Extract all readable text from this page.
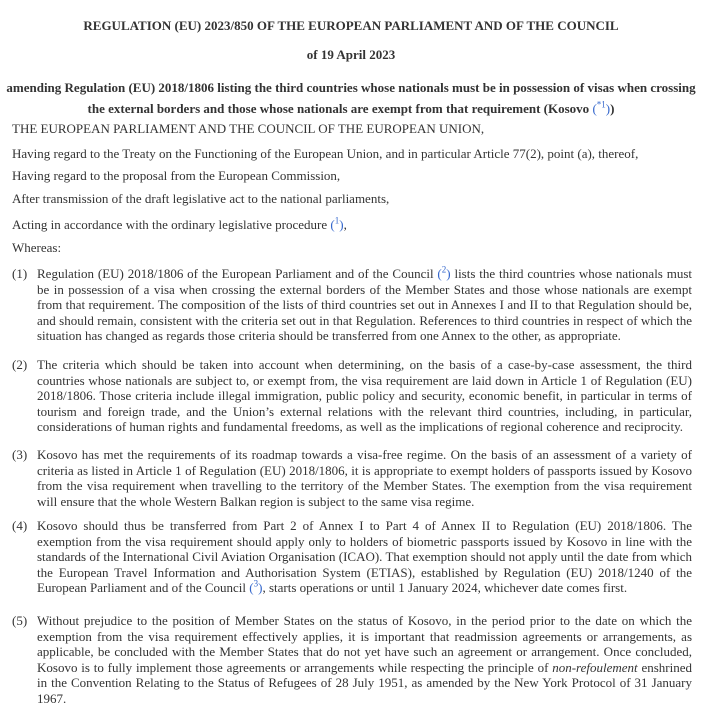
REGULATION (EU) 2023/850 OF THE EUROPEAN PARLIAMENT AND OF THE COUNCIL
of 19 April 2023
amending Regulation (EU) 2018/1806 listing the third countries whose nationals must be in possession of visas when crossing
the external borders and those whose nationals are exempt from that requirement (Kosovo ($^{*1}$))
THE EUROPEAN PARLIAMENT AND THE COUNCIL OF THE EUROPEAN UNION,
Having regard to the Treaty on the Functioning of the European Union, and in particular Article 77(2), point (a), thereof,
Having regard to the proposal from the European Commission,
After transmission of the draft legislative act to the national parliaments,
Acting in accordance with the ordinary legislative procedure ($^1$),
Whereas:
(1) Regulation (EU) 2018/1806 of the European Parliament and of the Council ($^2$) lists the third countries whose nationals must be in possession of a visa when crossing the external borders of the Member States and those whose nationals are exempt from that requirement. The composition of the lists of third countries set out in Annexes I and II to that Regulation should be, and should remain, consistent with the criteria set out in that Regulation. References to third countries in respect of which the situation has changed as regards those criteria should be transferred from one Annex to the other, as appropriate.
(2) The criteria which should be taken into account when determining, on the basis of a case-by-case assessment, the third countries whose nationals are subject to, or exempt from, the visa requirement are laid down in Article 1 of Regulation (EU) 2018/1806. Those criteria include illegal immigration, public policy and security, economic benefit, in particular in terms of tourism and foreign trade, and the Union’s external relations with the relevant third countries, including, in particular, considerations of human rights and fundamental freedoms, as well as the implications of regional coherence and reciprocity.
(3) Kosovo has met the requirements of its roadmap towards a visa-free regime. On the basis of an assessment of a variety of criteria as listed in Article 1 of Regulation (EU) 2018/1806, it is appropriate to exempt holders of passports issued by Kosovo from the visa requirement when travelling to the territory of the Member States. The exemption from the visa requirement will ensure that the whole Western Balkan region is subject to the same visa regime.
(4) Kosovo should thus be transferred from Part 2 of Annex I to Part 4 of Annex II to Regulation (EU) 2018/1806. The exemption from the visa requirement should apply only to holders of biometric passports issued by Kosovo in line with the standards of the International Civil Aviation Organisation (ICAO). That exemption should not apply until the date from which the European Travel Information and Authorisation System (ETIAS), established by Regulation (EU) 2018/1240 of the European Parliament and of the Council ($^3$), starts operations or until 1 January 2024, whichever date comes first.
(5) Without prejudice to the position of Member States on the status of Kosovo, in the period prior to the date on which the exemption from the visa requirement effectively applies, it is important that readmission agreements or arrangements, as applicable, be concluded with the Member States that do not yet have such an agreement or arrangement. Once concluded, Kosovo is to fully implement those agreements or arrangements while respecting the principle of non-refoulement enshrined in the Convention Relating to the Status of Refugees of 28 July 1951, as amended by the New York Protocol of 31 January 1967.
